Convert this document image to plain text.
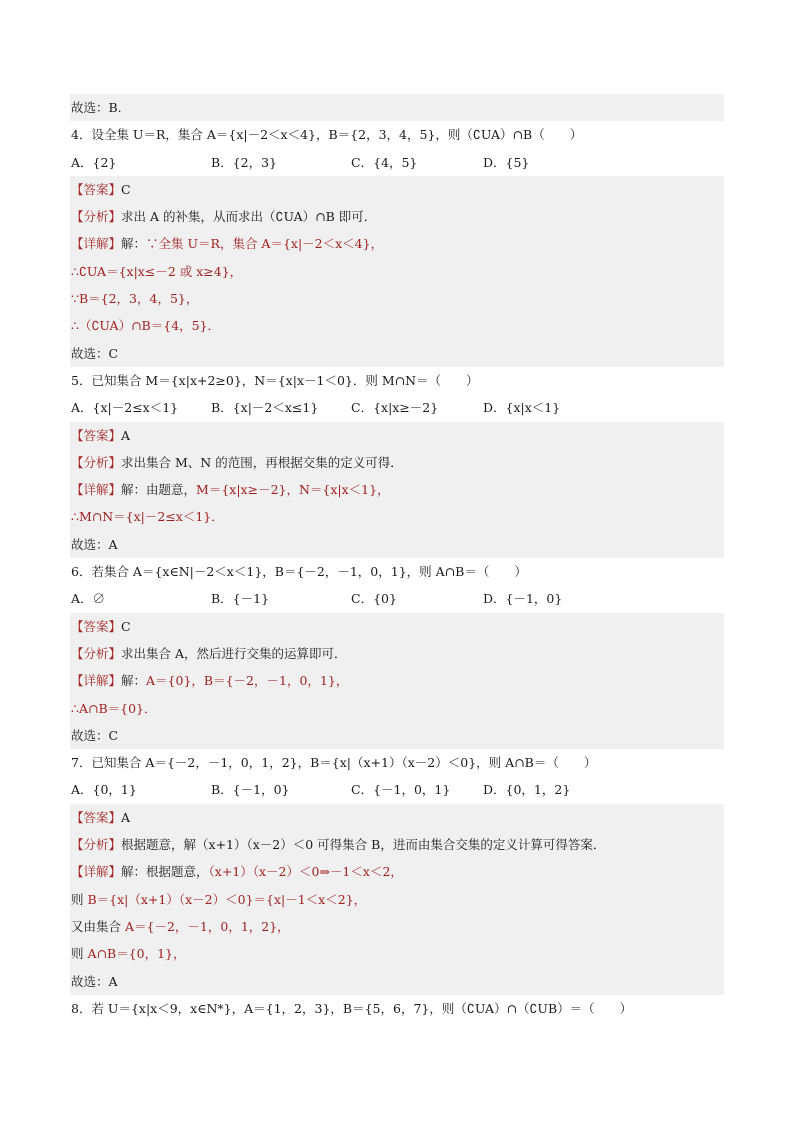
故选：B.
4．设全集 U＝R，集合 A＝{x|－2＜x＜4}，B＝{2，3，4，5}，则（∁UA）∩B（　　）
A．{2}	B．{2，3}	C．{4，5}	D．{5}
【答案】C
【分析】求出 A 的补集，从而求出（∁UA）∩B 即可．
【详解】解：∵全集 U＝R，集合 A＝{x|－2＜x＜4}，
∴∁UA＝{x|x≤－2 或 x≥4}，
∵B＝{2，3，4，5}，
∴（∁UA）∩B＝{4，5}．
故选：C
5．已知集合 M＝{x|x+2≥0}，N＝{x|x－1＜0}．则 M∩N＝（　　）
A．{x|－2≤x＜1}	B．{x|－2＜x≤1}	C．{x|x≥－2}	D．{x|x＜1}
【答案】A
【分析】求出集合 M、N 的范围，再根据交集的定义可得．
【详解】解：由题意，M＝{x|x≥－2}，N＝{x|x＜1}，
∴M∩N＝{x|－2≤x＜1}．
故选：A
6．若集合 A＝{x∈N|－2＜x＜1}，B＝{－2，－1，0，1}，则 A∩B＝（　　）
A．∅	B．{－1}	C．{0}	D．{－1，0}
【答案】C
【分析】求出集合 A，然后进行交集的运算即可．
【详解】解：A＝{0}，B＝{－2，－1，0，1}，
∴A∩B＝{0}．
故选：C
7．已知集合 A＝{－2，－1，0，1，2}，B＝{x|（x+1）（x－2）＜0}，则 A∩B＝（　　）
A．{0，1}	B．{－1，0}	C．{－1，0，1}	D．{0，1，2}
【答案】A
【分析】根据题意，解（x+1）（x－2）＜0 可得集合 B，进而由集合交集的定义计算可得答案．
【详解】解：根据题意，（x+1）（x－2）＜0⇒－1＜x＜2，
则 B＝{x|（x+1）（x－2）＜0}＝{x|－1＜x＜2}，
又由集合 A＝{－2，－1，0，1，2}，
则 A∩B＝{0，1}，
故选：A
8．若 U＝{x|x＜9，x∈N*}，A＝{1，2，3}，B＝{5，6，7}，则（∁UA）∩（∁UB）＝（　　）
